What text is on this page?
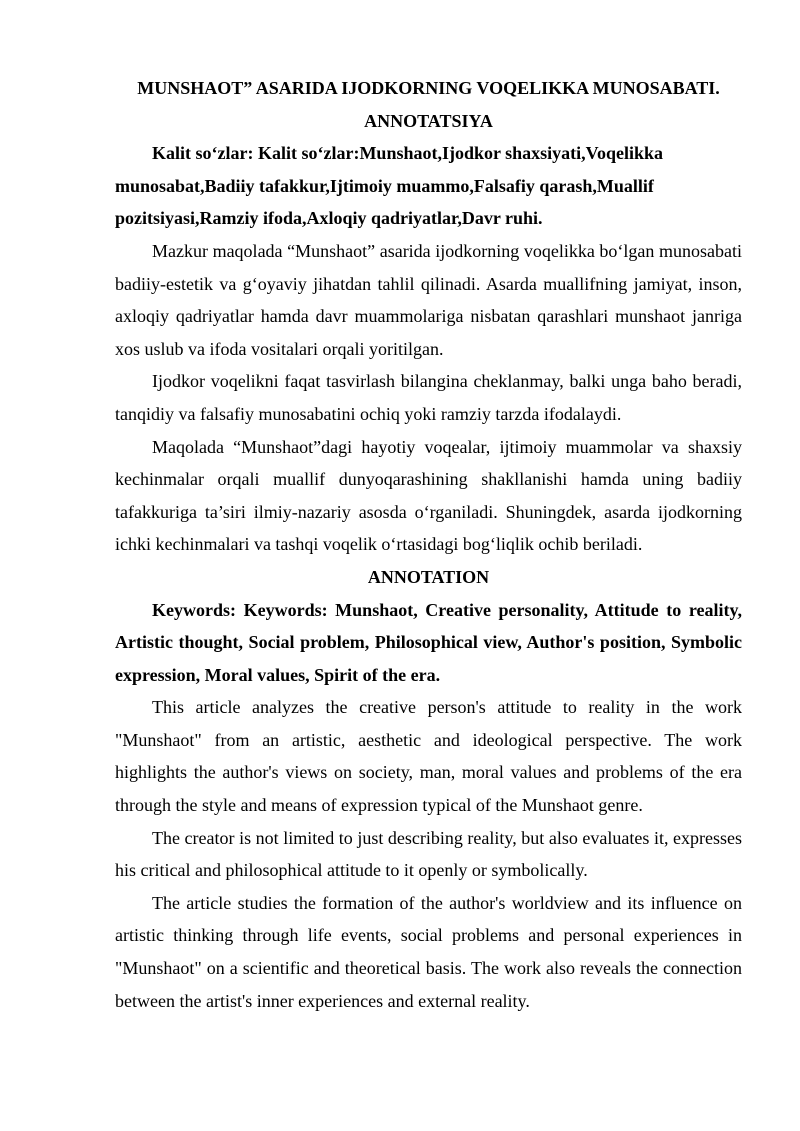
MUNSHAOT” ASARIDA IJODKORNING VOQELIKKA MUNOSABATI.
ANNOTATSIYA

Kalit so‘zlar: Kalit so‘zlar:Munshaot,Ijodkor shaxsiyati,Voqelikka munosabat,Badiiy tafakkur,Ijtimoiy muammo,Falsafiy qarash,Muallif pozitsiyasi,Ramziy ifoda,Axloqiy qadriyatlar,Davr ruhi.

Mazkur maqolada “Munshaot” asarida ijodkorning voqelikka bo‘lgan munosabati badiiy-estetik va g‘oyaviy jihatdan tahlil qilinadi. Asarda muallifning jamiyat, inson, axloqiy qadriyatlar hamda davr muammolariga nisbatan qarashlari munshaot janriga xos uslub va ifoda vositalari orqali yoritilgan.

Ijodkor voqelikni faqat tasvirlash bilangina cheklanmay, balki unga baho beradi, tanqidiy va falsafiy munosabatini ochiq yoki ramziy tarzda ifodalaydi.

Maqolada “Munshaot”dagi hayotiy voqealar, ijtimoiy muammolar va shaxsiy kechinmalar orqali muallif dunyoqarashining shakllanishi hamda uning badiiy tafakkuriga ta’siri ilmiy-nazariy asosda o‘rganiladi. Shuningdek, asarda ijodkorning ichki kechinmalari va tashqi voqelik o‘rtasidagi bog‘liqlik ochib beriladi.

ANNOTATION

Keywords: Keywords: Munshaot, Creative personality, Attitude to reality, Artistic thought, Social problem, Philosophical view, Author's position, Symbolic expression, Moral values, Spirit of the era.

This article analyzes the creative person's attitude to reality in the work "Munshaot" from an artistic, aesthetic and ideological perspective. The work highlights the author's views on society, man, moral values and problems of the era through the style and means of expression typical of the Munshaot genre.

The creator is not limited to just describing reality, but also evaluates it, expresses his critical and philosophical attitude to it openly or symbolically.

The article studies the formation of the author's worldview and its influence on artistic thinking through life events, social problems and personal experiences in "Munshaot" on a scientific and theoretical basis. The work also reveals the connection between the artist's inner experiences and external reality.
